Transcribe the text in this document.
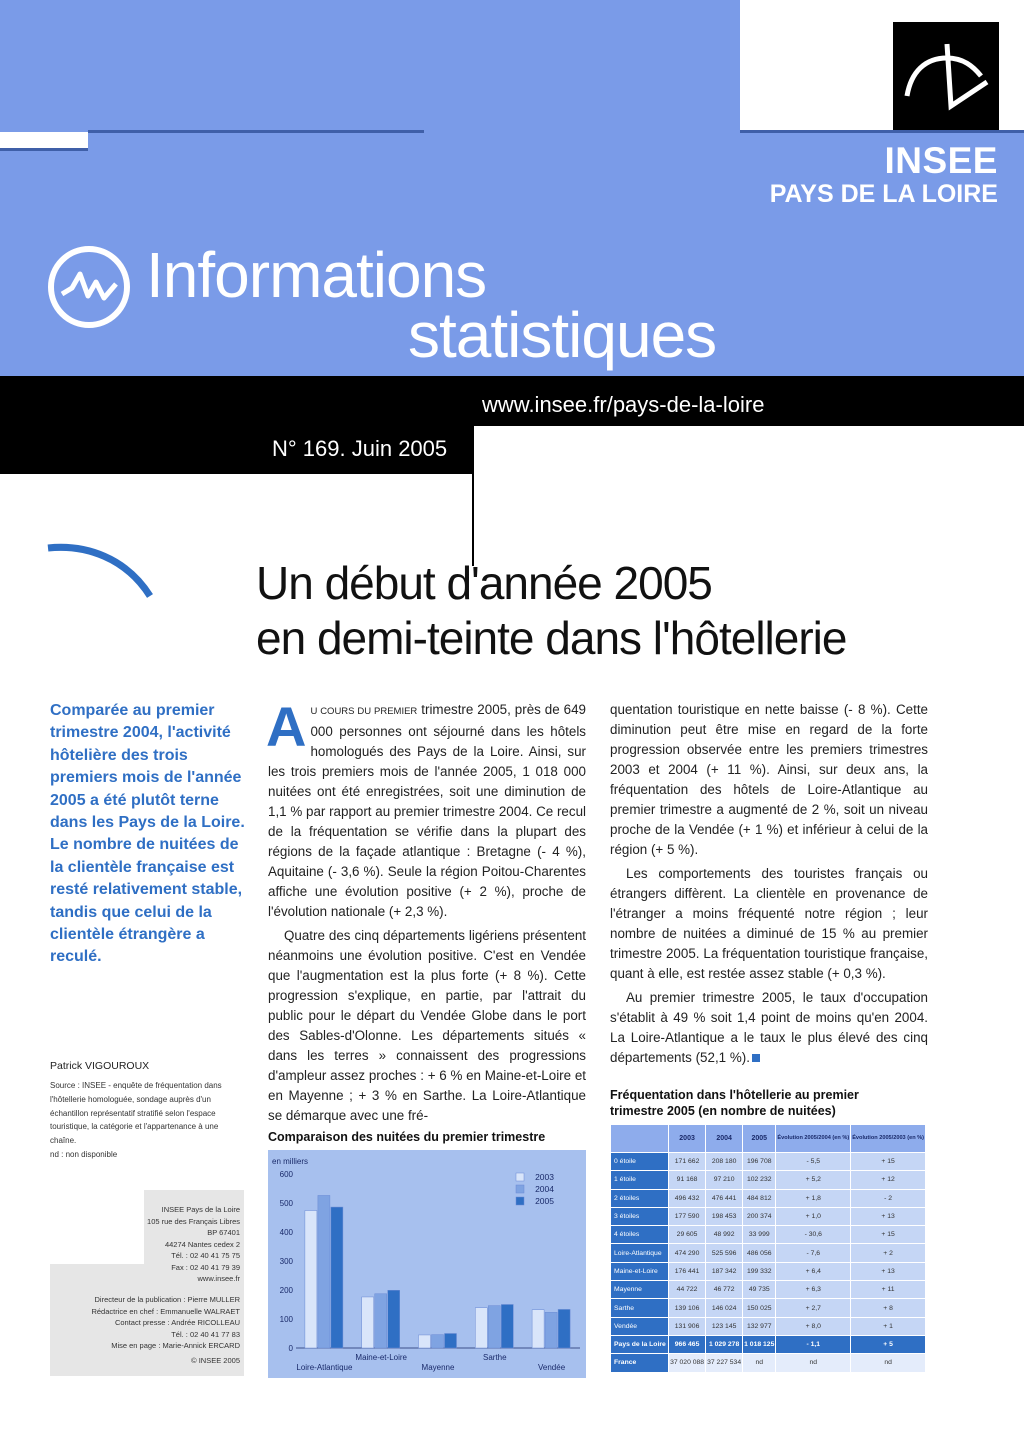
INSEE
PAYS DE LA LOIRE
Informations
statistiques
www.insee.fr/pays-de-la-loire
N° 169. Juin 2005
Un début d'année 2005
en demi-teinte dans l'hôtellerie
Comparée au premier trimestre 2004, l'activité hôtelière des trois premiers mois de l'année 2005 a été plutôt terne dans les Pays de la Loire. Le nombre de nuitées de la clientèle française est resté relativement stable, tandis que celui de la clientèle étrangère a reculé.
Patrick VIGOUROUX
Source : INSEE - enquête de fréquentation dans l'hôtellerie homologuée, sondage auprès d'un échantillon représentatif stratifié selon l'espace touristique, la catégorie et l'appartenance à une chaîne.
nd : non disponible
INSEE Pays de la Loire
105 rue des Français Libres
BP 67401
44274 Nantes cedex 2
Tél. : 02 40 41 75 75
Fax : 02 40 41 79 39
www.insee.fr
Directeur de la publication : Pierre MULLER
Rédactrice en chef : Emmanuelle WALRAET
Contact presse : Andrée RICOLLEAU
Tél. : 02 40 41 77 83
Mise en page : Marie-Annick ERCARD
© INSEE 2005

AU COURS DU PREMIER trimestre 2005, près de 649 000 personnes ont séjourné dans les hôtels homologués des Pays de la Loire. Ainsi, sur les trois premiers mois de l'année 2005, 1 018 000 nuitées ont été enregistrées, soit une diminution de 1,1 % par rapport au premier trimestre 2004. Ce recul de la fréquentation se vérifie dans la plupart des régions de la façade atlantique : Bretagne (- 4 %), Aquitaine (- 3,6 %). Seule la région Poitou-Charentes affiche une évolution positive (+ 2 %), proche de l'évolution nationale (+ 2,3 %).

Quatre des cinq départements ligériens présentent néanmoins une évolution positive. C'est en Vendée que l'augmentation est la plus forte (+ 8 %). Cette progression s'explique, en partie, par l'attrait du public pour le départ du Vendée Globe dans le port des Sables-d'Olonne. Les départements situés « dans les terres » connaissent des progressions d'ampleur assez proches : + 6 % en Maine-et-Loire et en Mayenne ; + 3 % en Sarthe. La Loire-Atlantique se démarque avec une fré-

quentation touristique en nette baisse (- 8 %). Cette diminution peut être mise en regard de la forte progression observée entre les premiers trimestres 2003 et 2004 (+ 11 %). Ainsi, sur deux ans, la fréquentation des hôtels de Loire-Atlantique au premier trimestre a augmenté de 2 %, soit un niveau proche de la Vendée (+ 1 %) et inférieur à celui de la région (+ 5 %).

Les comportements des touristes français ou étrangers diffèrent. La clientèle en provenance de l'étranger a moins fréquenté notre région ; leur nombre de nuitées a diminué de 15 % au premier trimestre 2005. La fréquentation touristique française, quant à elle, est restée assez stable (+ 0,3 %).

Au premier trimestre 2005, le taux d'occupation s'établit à 49 % soit 1,4 point de moins qu'en 2004. La Loire-Atlantique a le taux le plus élevé des cinq départements (52,1 %).

Comparaison des nuitées du premier trimestre
en milliers
600
500
400
300
200
100
0
Loire-Atlantique
Maine-et-Loire
Mayenne
Sarthe
Vendée
2003
2004
2005
Fréquentation dans l'hôtellerie au premier trimestre 2005 (en nombre de nuitées)
	2003	2004	2005	Évolution 2005/2004 (en %)	Évolution 2005/2003 (en %)
0 étoile	171 662	208 180	196 708	- 5,5	+ 15
1 étoile	91 168	97 210	102 232	+ 5,2	+ 12
2 étoiles	496 432	476 441	484 812	+ 1,8	- 2
3 étoiles	177 590	198 453	200 374	+ 1,0	+ 13
4 étoiles	29 605	48 992	33 999	- 30,6	+ 15
Loire-Atlantique	474 290	525 596	486 056	- 7,6	+ 2
Maine-et-Loire	176 441	187 342	199 332	+ 6,4	+ 13
Mayenne	44 722	46 772	49 735	+ 6,3	+ 11
Sarthe	139 106	146 024	150 025	+ 2,7	+ 8
Vendée	131 906	123 145	132 977	+ 8,0	+ 1
Pays de la Loire	966 465	1 029 278	1 018 125	- 1,1	+ 5
France	37 020 088	37 227 534	nd	nd	nd
